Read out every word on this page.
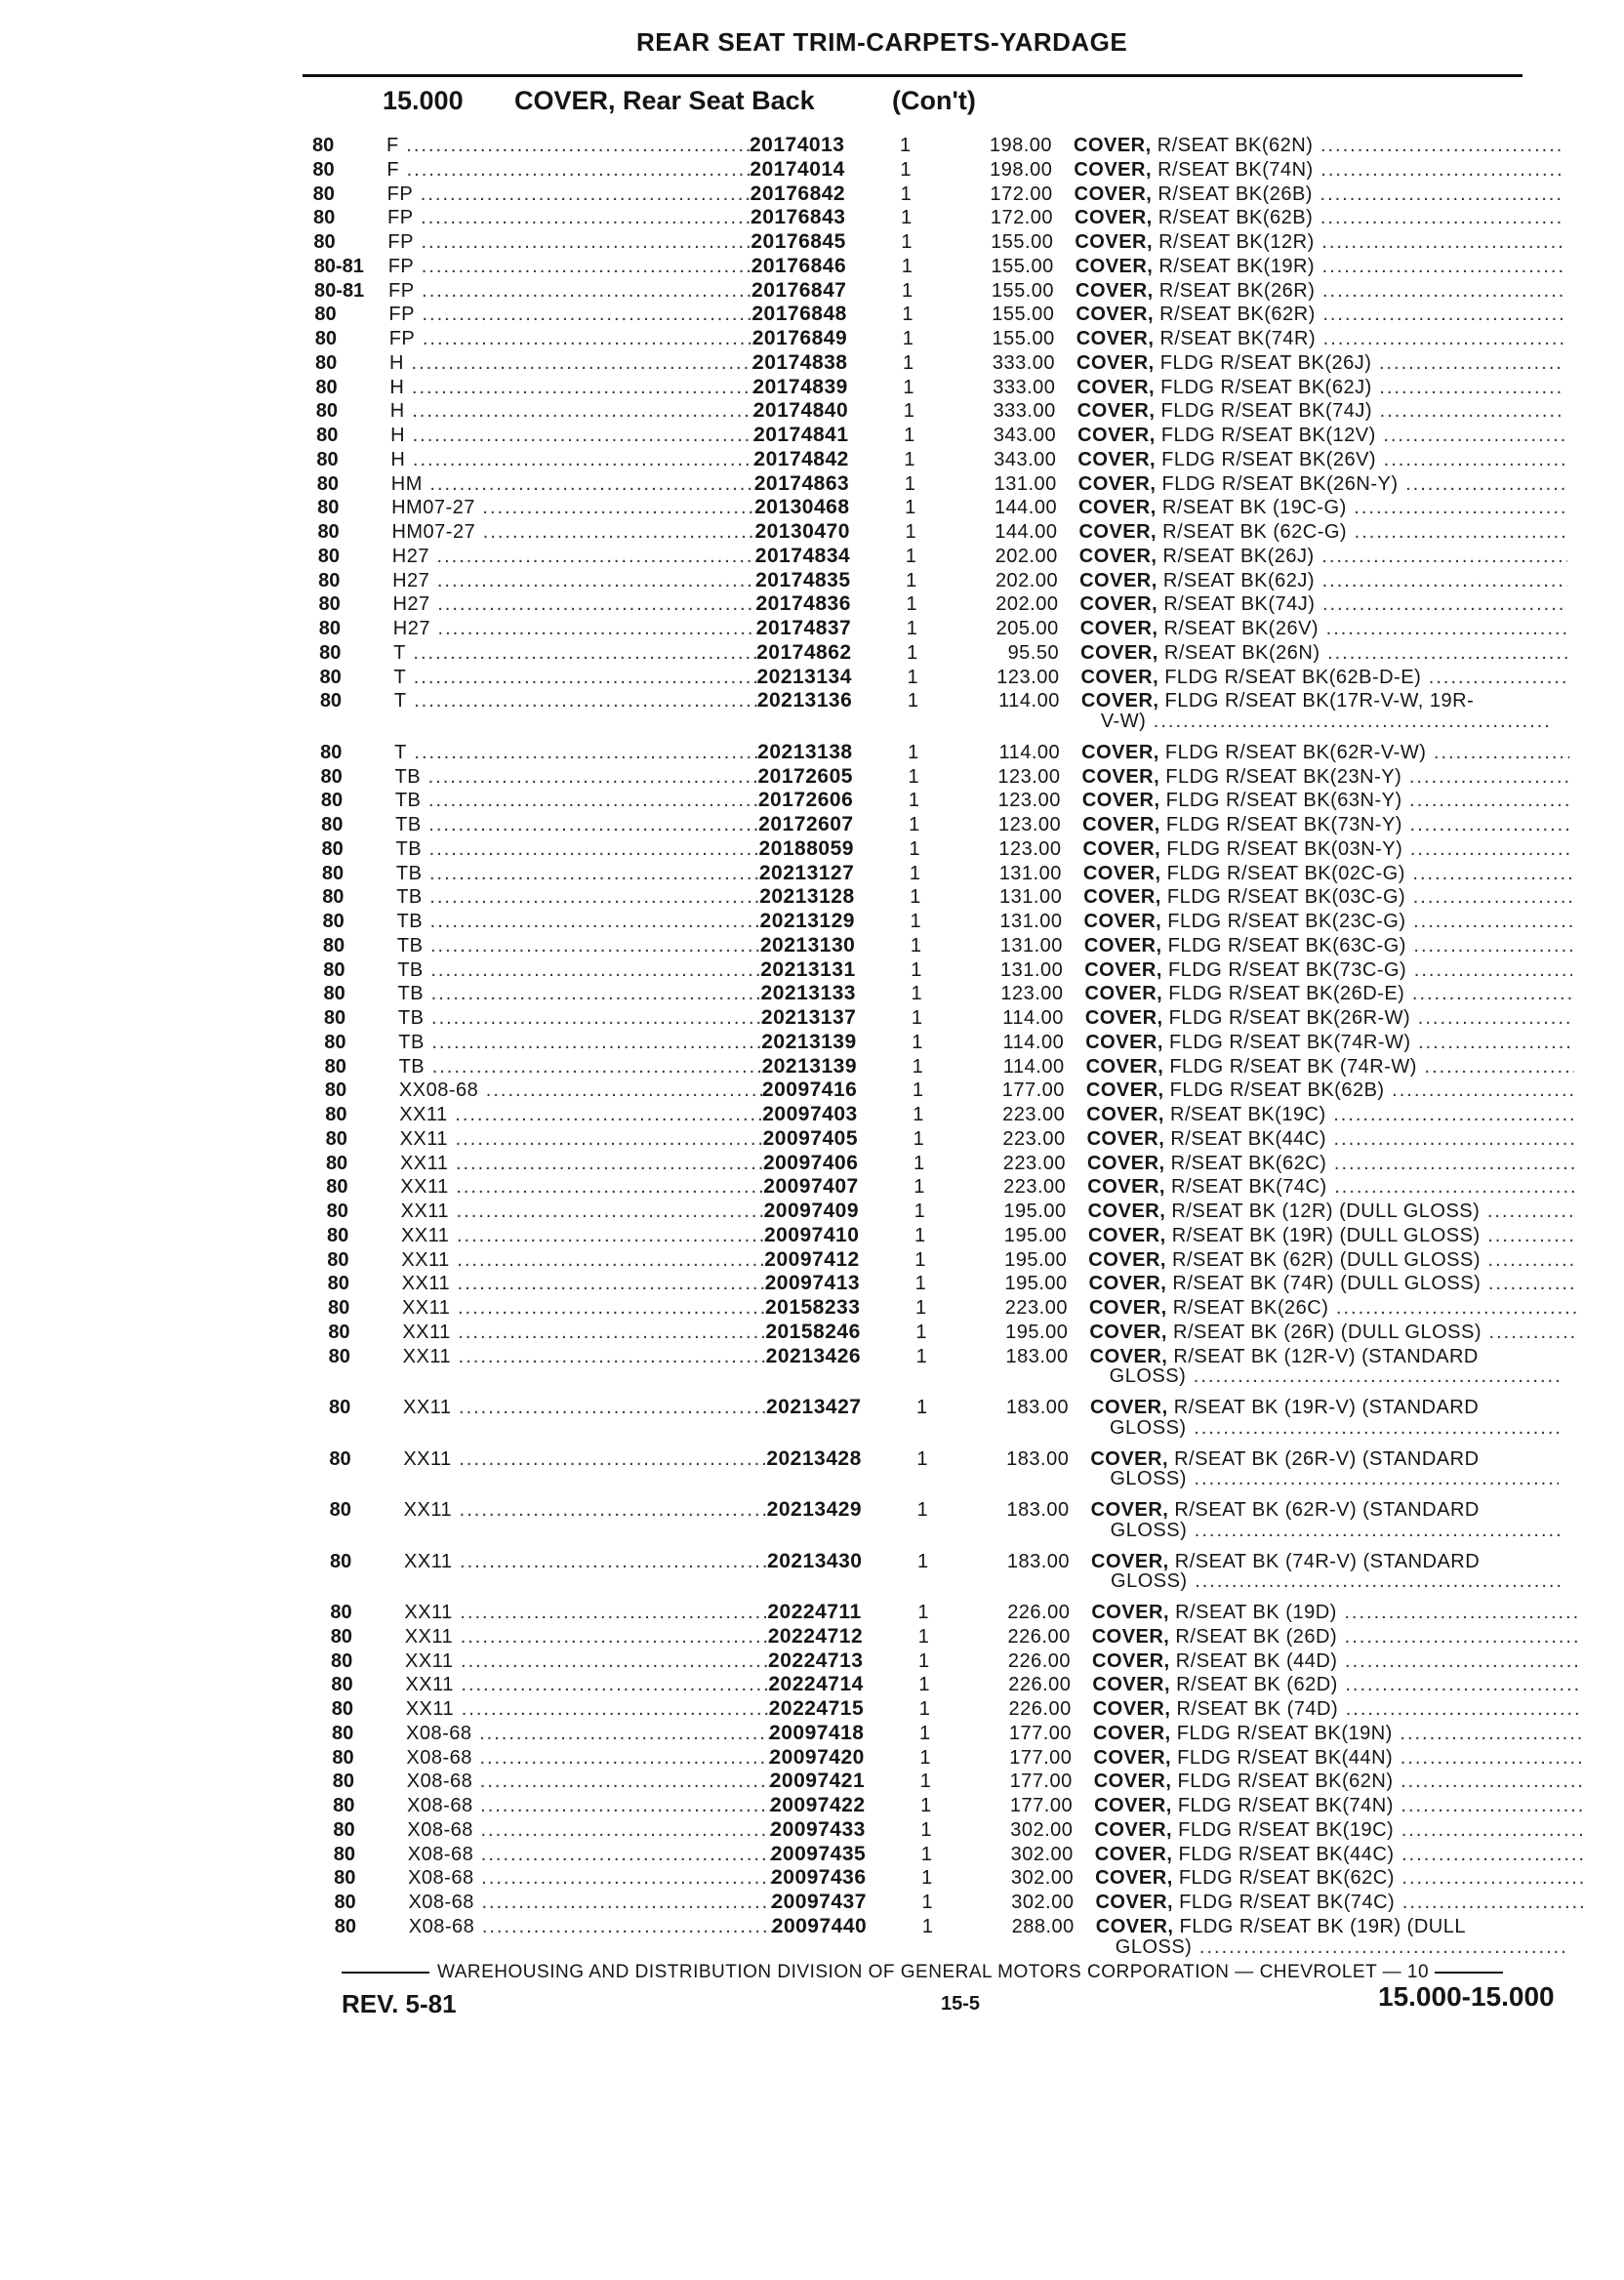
REAR SEAT TRIM-CARPETS-YARDAGE
15.000 COVER, Rear Seat Back	(Con't)
80	F .....	20174013	1	198.00 COVER, R/SEAT BK(62N) .....
80	F .....	20174014	1	198.00 COVER, R/SEAT BK(74N) .....
80	FP .....	20176842	1	172.00 COVER, R/SEAT BK(26B) .....
80	FP .....	20176843	1	172.00 COVER, R/SEAT BK(62B) .....
80	FP .....	20176845	1	155.00 COVER, R/SEAT BK(12R) .....
80-81 FP .....	20176846	1	155.00 COVER, R/SEAT BK(19R) .....
80-81 FP .....	20176847	1	155.00 COVER, R/SEAT BK(26R) .....
80	FP .....	20176848	1	155.00 COVER, R/SEAT BK(62R) .....
80	FP .....	20176849	1	155.00 COVER, R/SEAT BK(74R) .....
80	H .....	20174838	1	333.00 COVER, FLDG R/SEAT BK(26J) .....
80	H .....	20174839	1	333.00 COVER, FLDG R/SEAT BK(62J) .....
80	H .....	20174840	1	333.00 COVER, FLDG R/SEAT BK(74J) .....
80	H .....	20174841	1	343.00 COVER, FLDG R/SEAT BK(12V) .....
80	H .....	20174842	1	343.00 COVER, FLDG R/SEAT BK(26V) .....
80	HM .....	20174863	1	131.00 COVER, FLDG R/SEAT BK(26N-Y) .....
80	HM07-27 .....	20130468	1	144.00 COVER, R/SEAT BK (19C-G) .....
80	HM07-27 .....	20130470	1	144.00 COVER, R/SEAT BK (62C-G) .....
80	H27 .....	20174834	1	202.00 COVER, R/SEAT BK(26J) .....
80	H27 .....	20174835	1	202.00 COVER, R/SEAT BK(62J) .....
80	H27 .....	20174836	1	202.00 COVER, R/SEAT BK(74J) .....
80	H27 .....	20174837	1	205.00 COVER, R/SEAT BK(26V) .....
80	T .....	20174862	1	95.50 COVER, R/SEAT BK(26N) .....
80	T .....	20213134	1	123.00 COVER, FLDG R/SEAT BK(62B-D-E) .....
80	T .....	20213136	1	114.00 COVER, FLDG R/SEAT BK(17R-V-W, 19R-
V-W) .....
80	T .....	20213138	1	114.00 COVER, FLDG R/SEAT BK(62R-V-W) .....
80	TB .....	20172605	1	123.00 COVER, FLDG R/SEAT BK(23N-Y) .....
80	TB .....	20172606	1	123.00 COVER, FLDG R/SEAT BK(63N-Y) .....
80	TB .....	20172607	1	123.00 COVER, FLDG R/SEAT BK(73N-Y) .....
80	TB .....	20188059	1	123.00 COVER, FLDG R/SEAT BK(03N-Y) .....
80	TB .....	20213127	1	131.00 COVER, FLDG R/SEAT BK(02C-G) .....
80	TB .....	20213128	1	131.00 COVER, FLDG R/SEAT BK(03C-G) .....
80	TB .....	20213129	1	131.00 COVER, FLDG R/SEAT BK(23C-G) .....
80	TB .....	20213130	1	131.00 COVER, FLDG R/SEAT BK(63C-G) .....
80	TB .....	20213131	1	131.00 COVER, FLDG R/SEAT BK(73C-G) .....
80	TB .....	20213133	1	123.00 COVER, FLDG R/SEAT BK(26D-E) .....
80	TB .....	20213137	1	114.00 COVER, FLDG R/SEAT BK(26R-W) .....
80	TB .....	20213139	1	114.00 COVER, FLDG R/SEAT BK(74R-W) .....
80	TB .....	20213139	1	114.00 COVER, FLDG R/SEAT BK (74R-W) .....
80	XX08-68 .....	20097416	1	177.00 COVER, FLDG R/SEAT BK(62B) .....
80	XX11 .....	20097403	1	223.00 COVER, R/SEAT BK(19C) .....
80	XX11 .....	20097405	1	223.00 COVER, R/SEAT BK(44C) .....
80	XX11 .....	20097406	1	223.00 COVER, R/SEAT BK(62C) .....
80	XX11 .....	20097407	1	223.00 COVER, R/SEAT BK(74C) .....
80	XX11 .....	20097409	1	195.00 COVER, R/SEAT BK (12R) (DULL GLOSS) .....
80	XX11 .....	20097410	1	195.00 COVER, R/SEAT BK (19R) (DULL GLOSS) .....
80	XX11 .....	20097412	1	195.00 COVER, R/SEAT BK (62R) (DULL GLOSS) .....
80	XX11 .....	20097413	1	195.00 COVER, R/SEAT BK (74R) (DULL GLOSS) .....
80	XX11 .....	20158233	1	223.00 COVER, R/SEAT BK(26C) .....
80	XX11 .....	20158246	1	195.00 COVER, R/SEAT BK (26R) (DULL GLOSS) .....
80	XX11 .....	20213426	1	183.00 COVER, R/SEAT BK (12R-V) (STANDARD
GLOSS) .....
80	XX11 .....	20213427	1	183.00 COVER, R/SEAT BK (19R-V) (STANDARD
GLOSS) .....
80	XX11 .....	20213428	1	183.00 COVER, R/SEAT BK (26R-V) (STANDARD
GLOSS) .....
80	XX11 .....	20213429	1	183.00 COVER, R/SEAT BK (62R-V) (STANDARD
GLOSS) .....
80	XX11 .....	20213430	1	183.00 COVER, R/SEAT BK (74R-V) (STANDARD
GLOSS) .....
80	XX11 .....	20224711	1	226.00 COVER, R/SEAT BK (19D) .....
80	XX11 .....	20224712	1	226.00 COVER, R/SEAT BK (26D) .....
80	XX11 .....	20224713	1	226.00 COVER, R/SEAT BK (44D) .....
80	XX11 .....	20224714	1	226.00 COVER, R/SEAT BK (62D) .....
80	XX11 .....	20224715	1	226.00 COVER, R/SEAT BK (74D) .....
80	X08-68 .....	20097418	1	177.00 COVER, FLDG R/SEAT BK(19N) .....
80	X08-68 .....	20097420	1	177.00 COVER, FLDG R/SEAT BK(44N) .....
80	X08-68 .....	20097421	1	177.00 COVER, FLDG R/SEAT BK(62N) .....
80	X08-68 .....	20097422	1	177.00 COVER, FLDG R/SEAT BK(74N) .....
80	X08-68 .....	20097433	1	302.00 COVER, FLDG R/SEAT BK(19C) .....
80	X08-68 .....	20097435	1	302.00 COVER, FLDG R/SEAT BK(44C) .....
80	X08-68 .....	20097436	1	302.00 COVER, FLDG R/SEAT BK(62C) .....
80	X08-68 .....	20097437	1	302.00 COVER, FLDG R/SEAT BK(74C) .....
80	X08-68 .....	20097440	1	288.00 COVER, FLDG R/SEAT BK (19R) (DULL
GLOSS) .....
WAREHOUSING AND DISTRIBUTION DIVISION OF GENERAL MOTORS CORPORATION — CHEVROLET — 10
REV. 5-81	15-5	15.000-15.000
